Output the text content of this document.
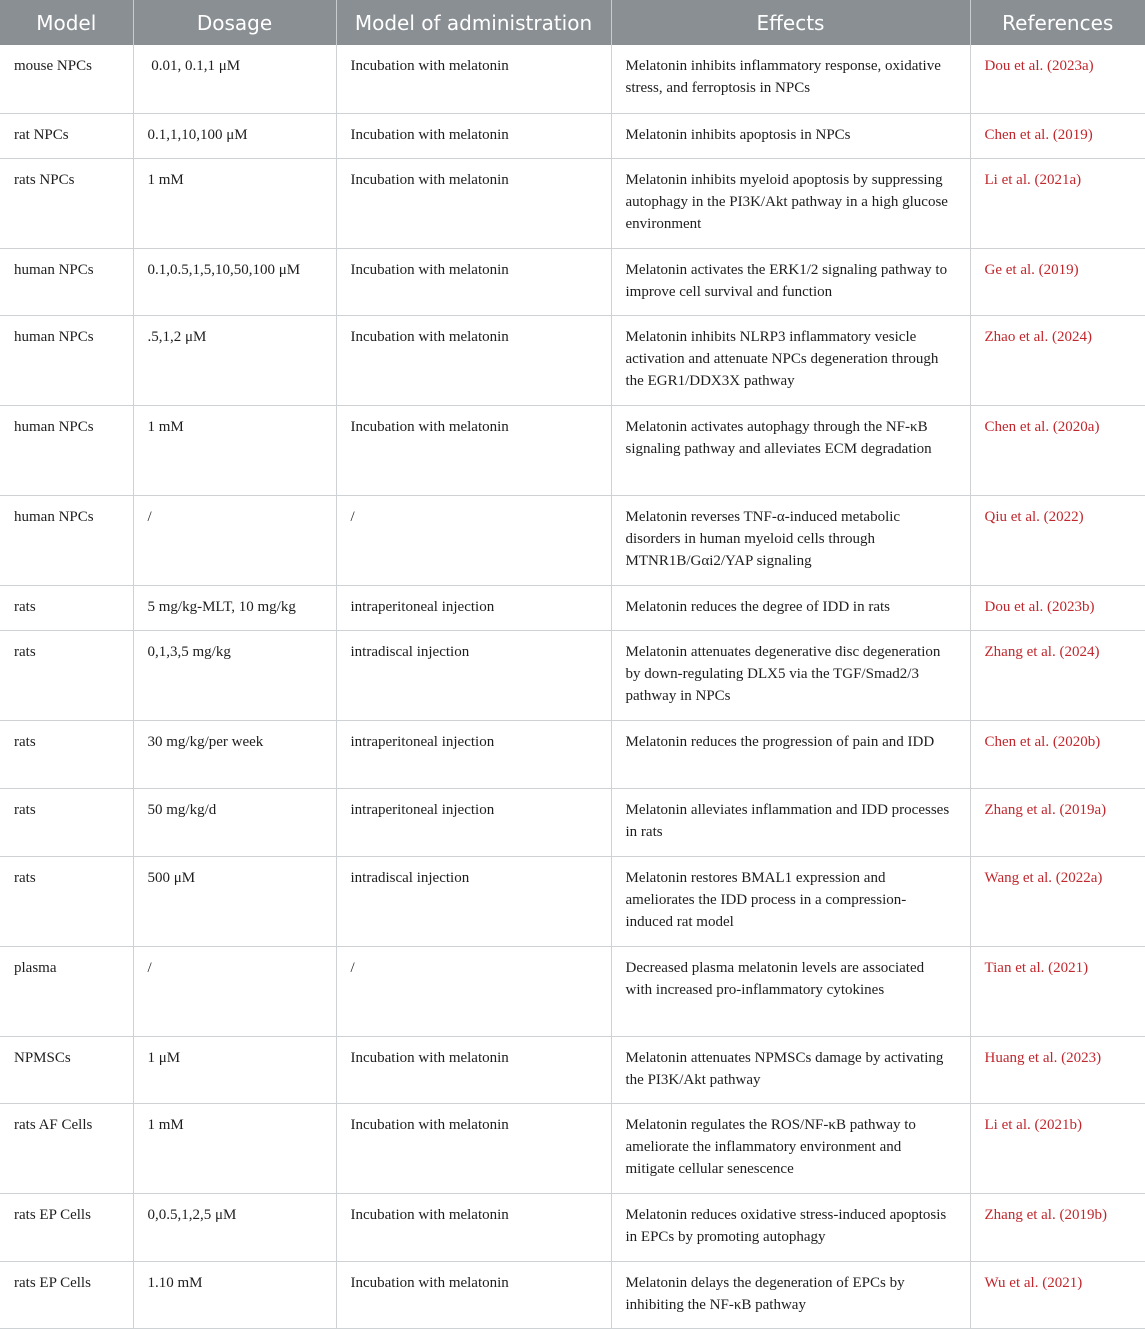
Model	Dosage	Model of administration	Effects	References
mouse NPCs	0.01, 0.1,1 μM	Incubation with melatonin	Melatonin inhibits inflammatory response, oxidative stress, and ferroptosis in NPCs	Dou et al. (2023a)
rat NPCs	0.1,1,10,100 μM	Incubation with melatonin	Melatonin inhibits apoptosis in NPCs	Chen et al. (2019)
rats NPCs	1 mM	Incubation with melatonin	Melatonin inhibits myeloid apoptosis by suppressing autophagy in the PI3K/Akt pathway in a high glucose environment	Li et al. (2021a)
human NPCs	0.1,0.5,1,5,10,50,100 μM	Incubation with melatonin	Melatonin activates the ERK1/2 signaling pathway to improve cell survival and function	Ge et al. (2019)
human NPCs	.5,1,2 μM	Incubation with melatonin	Melatonin inhibits NLRP3 inflammatory vesicle activation and attenuate NPCs degeneration through the EGR1/DDX3X pathway	Zhao et al. (2024)
human NPCs	1 mM	Incubation with melatonin	Melatonin activates autophagy through the NF-κB signaling pathway and alleviates ECM degradation	Chen et al. (2020a)
human NPCs	/	/	Melatonin reverses TNF-α-induced metabolic disorders in human myeloid cells through MTNR1B/Gαi2/YAP signaling	Qiu et al. (2022)
rats	5 mg/kg-MLT, 10 mg/kg	intraperitoneal injection	Melatonin reduces the degree of IDD in rats	Dou et al. (2023b)
rats	0,1,3,5 mg/kg	intradiscal injection	Melatonin attenuates degenerative disc degeneration by down-regulating DLX5 via the TGF/Smad2/3 pathway in NPCs	Zhang et al. (2024)
rats	30 mg/kg/per week	intraperitoneal injection	Melatonin reduces the progression of pain and IDD	Chen et al. (2020b)
rats	50 mg/kg/d	intraperitoneal injection	Melatonin alleviates inflammation and IDD processes in rats	Zhang et al. (2019a)
rats	500 μM	intradiscal injection	Melatonin restores BMAL1 expression and ameliorates the IDD process in a compression-induced rat model	Wang et al. (2022a)
plasma	/	/	Decreased plasma melatonin levels are associated with increased pro-inflammatory cytokines	Tian et al. (2021)
NPMSCs	1 μM	Incubation with melatonin	Melatonin attenuates NPMSCs damage by activating the PI3K/Akt pathway	Huang et al. (2023)
rats AF Cells	1 mM	Incubation with melatonin	Melatonin regulates the ROS/NF-κB pathway to ameliorate the inflammatory environment and mitigate cellular senescence	Li et al. (2021b)
rats EP Cells	0,0.5,1,2,5 μM	Incubation with melatonin	Melatonin reduces oxidative stress-induced apoptosis in EPCs by promoting autophagy	Zhang et al. (2019b)
rats EP Cells	1.10 mM	Incubation with melatonin	Melatonin delays the degeneration of EPCs by inhibiting the NF-κB pathway	Wu et al. (2021)
